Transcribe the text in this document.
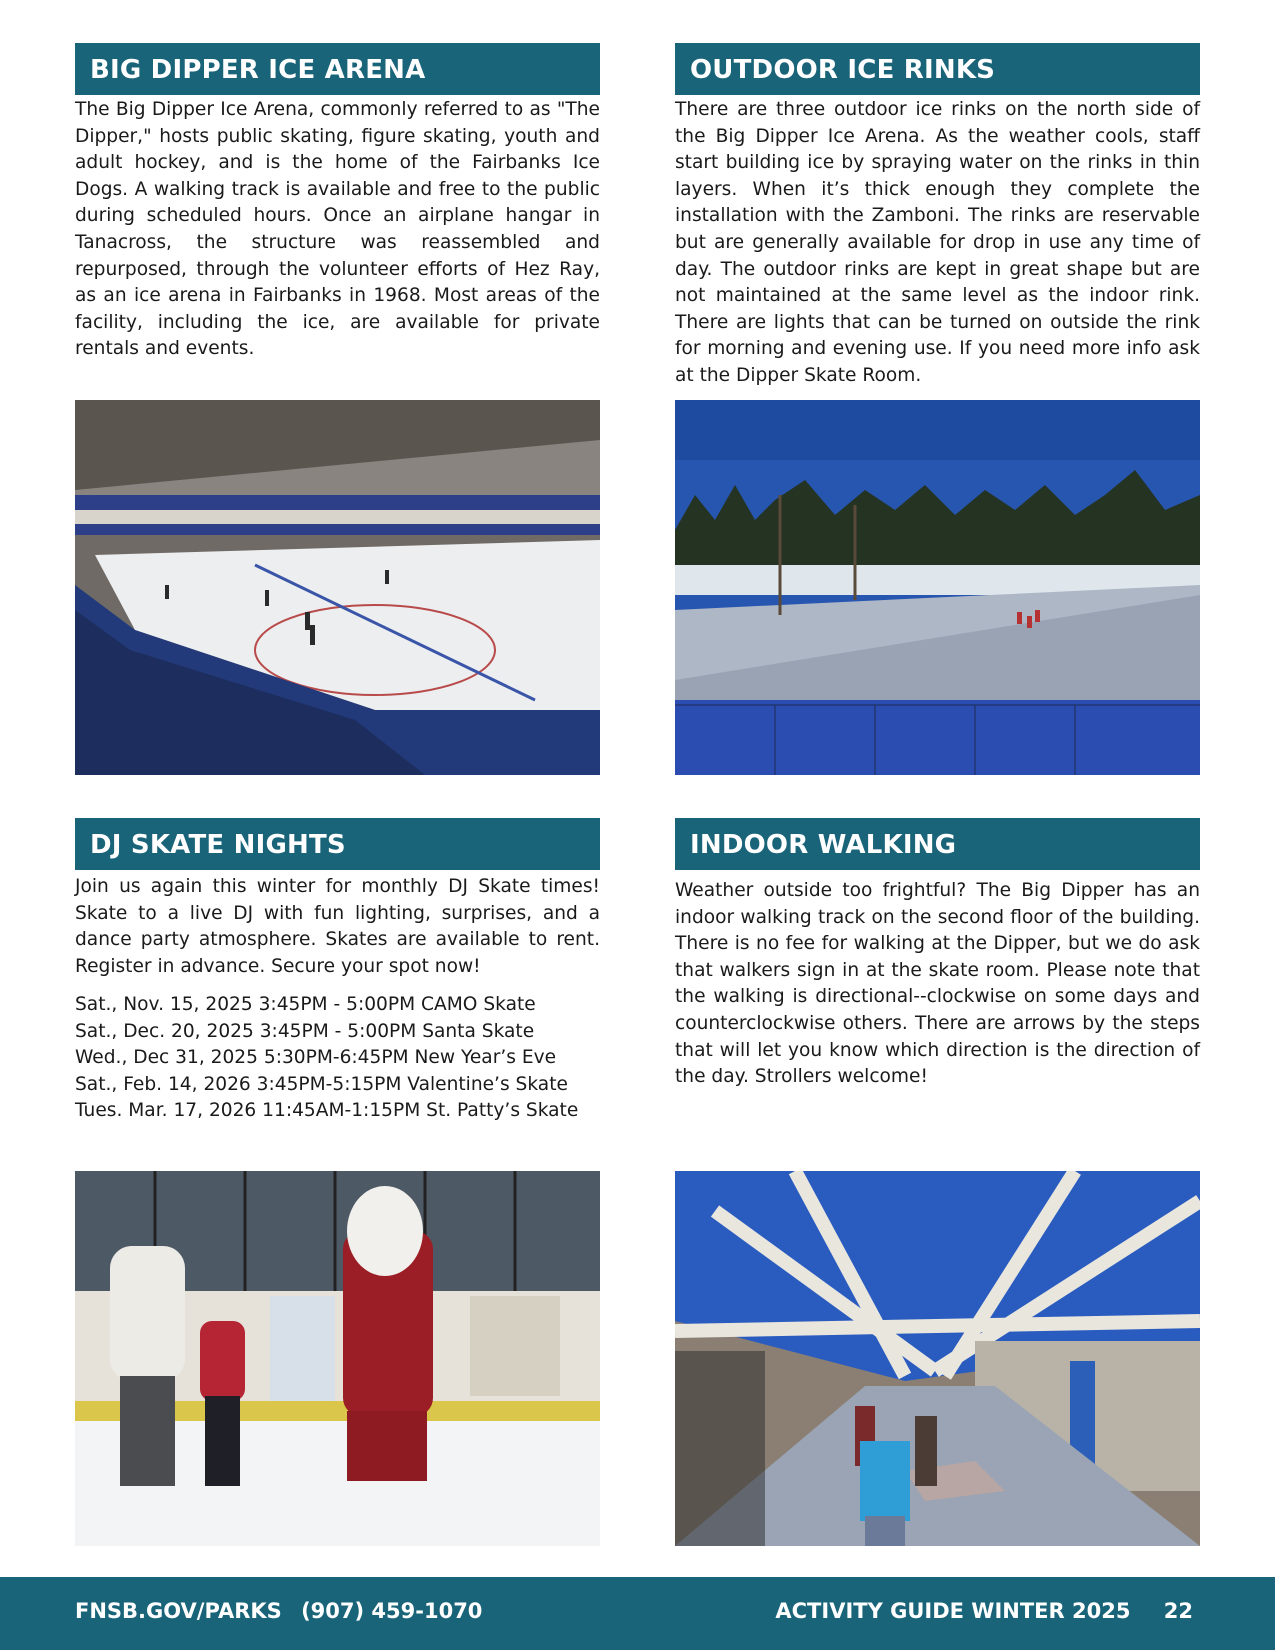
BIG DIPPER ICE ARENA

The Big Dipper Ice Arena, commonly referred to as "The Dipper," hosts public skating, figure skating, youth and adult hockey, and is the home of the Fairbanks Ice Dogs. A walking track is available and free to the public during scheduled hours. Once an airplane hangar in Tanacross, the structure was reassembled and repurposed, through the volunteer efforts of Hez Ray, as an ice arena in Fairbanks in 1968. Most areas of the facility, including the ice, are available for private rentals and events.

OUTDOOR ICE RINKS

There are three outdoor ice rinks on the north side of the Big Dipper Ice Arena. As the weather cools, staff start building ice by spraying water on the rinks in thin layers. When it’s thick enough they complete the installation with the Zamboni. The rinks are reservable but are generally available for drop in use any time of day. The outdoor rinks are kept in great shape but are not maintained at the same level as the indoor rink. There are lights that can be turned on outside the rink for morning and evening use. If you need more info ask at the Dipper Skate Room.

DJ SKATE NIGHTS

Join us again this winter for monthly DJ Skate times! Skate to a live DJ with fun lighting, surprises, and a dance party atmosphere. Skates are available to rent. Register in advance. Secure your spot now!

Sat., Nov. 15, 2025 3:45PM - 5:00PM CAMO Skate
Sat., Dec. 20, 2025 3:45PM - 5:00PM Santa Skate
Wed., Dec 31, 2025 5:30PM-6:45PM New Year’s Eve
Sat., Feb. 14, 2026 3:45PM-5:15PM Valentine’s Skate
Tues. Mar. 17, 2026 11:45AM-1:15PM St. Patty’s Skate
INDOOR WALKING

Weather outside too frightful? The Big Dipper has an indoor walking track on the second floor of the building. There is no fee for walking at the Dipper, but we do ask that walkers sign in at the skate room. Please note that the walking is directional--clockwise on some days and counterclockwise others. There are arrows by the steps that will let you know which direction is the direction of the day. Strollers welcome!

FNSB.GOV/PARKS (907) 459-1070	ACTIVITY GUIDE WINTER 2025 22
